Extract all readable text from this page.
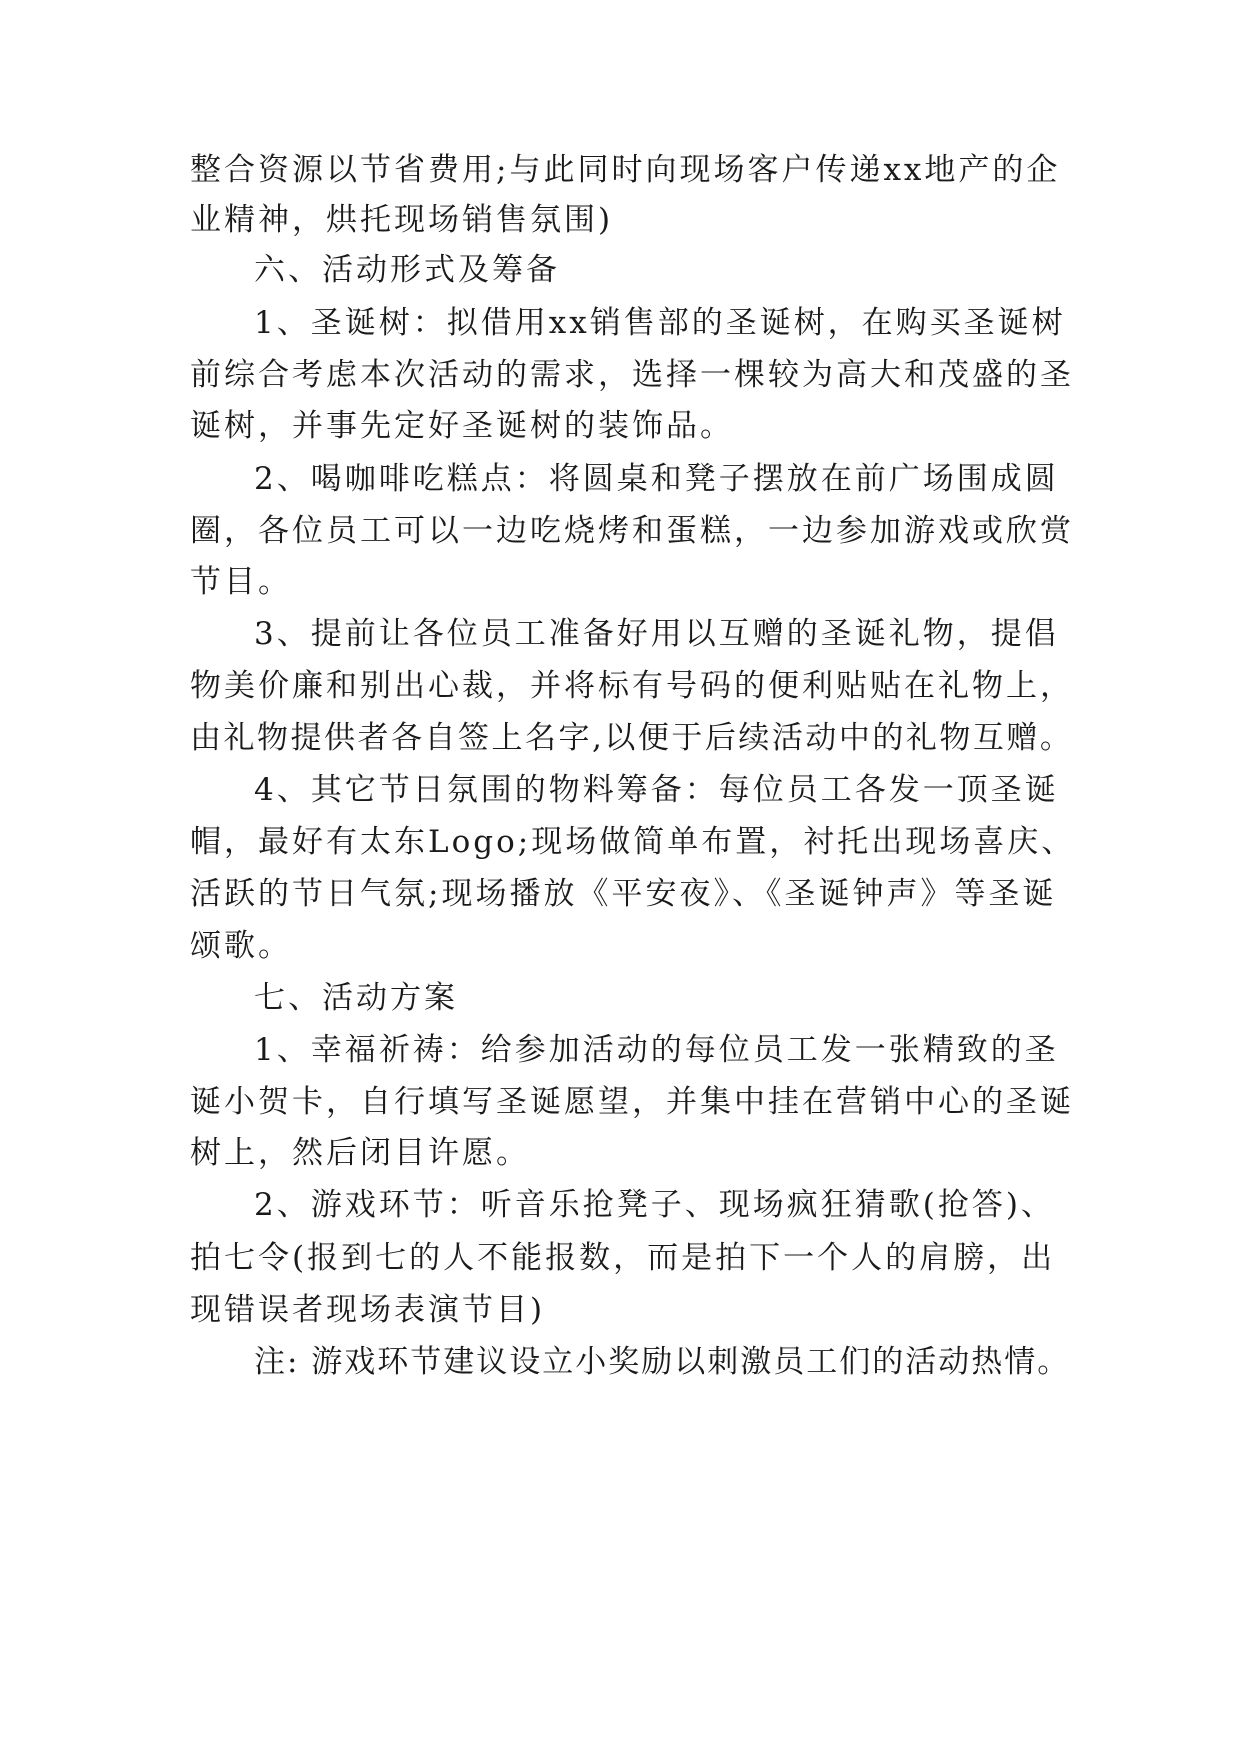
整合资源以节省费用;与此同时向现场客户传递xx地产的企
业精神，烘托现场销售氛围)
六、活动形式及筹备
1、圣诞树：拟借用xx销售部的圣诞树，在购买圣诞树
前综合考虑本次活动的需求，选择一棵较为高大和茂盛的圣
诞树，并事先定好圣诞树的装饰品。
2、喝咖啡吃糕点：将圆桌和凳子摆放在前广场围成圆
圈，各位员工可以一边吃烧烤和蛋糕，一边参加游戏或欣赏
节目。
3、提前让各位员工准备好用以互赠的圣诞礼物，提倡
物美价廉和别出心裁，并将标有号码的便利贴贴在礼物上，
由礼物提供者各自签上名字,以便于后续活动中的礼物互赠。
4、其它节日氛围的物料筹备：每位员工各发一顶圣诞
帽，最好有太东Logo;现场做简单布置，衬托出现场喜庆、
活跃的节日气氛;现场播放《平安夜》、《圣诞钟声》等圣诞
颂歌。
七、活动方案
1、幸福祈祷：给参加活动的每位员工发一张精致的圣
诞小贺卡，自行填写圣诞愿望，并集中挂在营销中心的圣诞
树上，然后闭目许愿。
2、游戏环节：听音乐抢凳子、现场疯狂猜歌(抢答)、
拍七令(报到七的人不能报数，而是拍下一个人的肩膀，出
现错误者现场表演节目)
注: 游戏环节建议设立小奖励以刺激员工们的活动热情。
